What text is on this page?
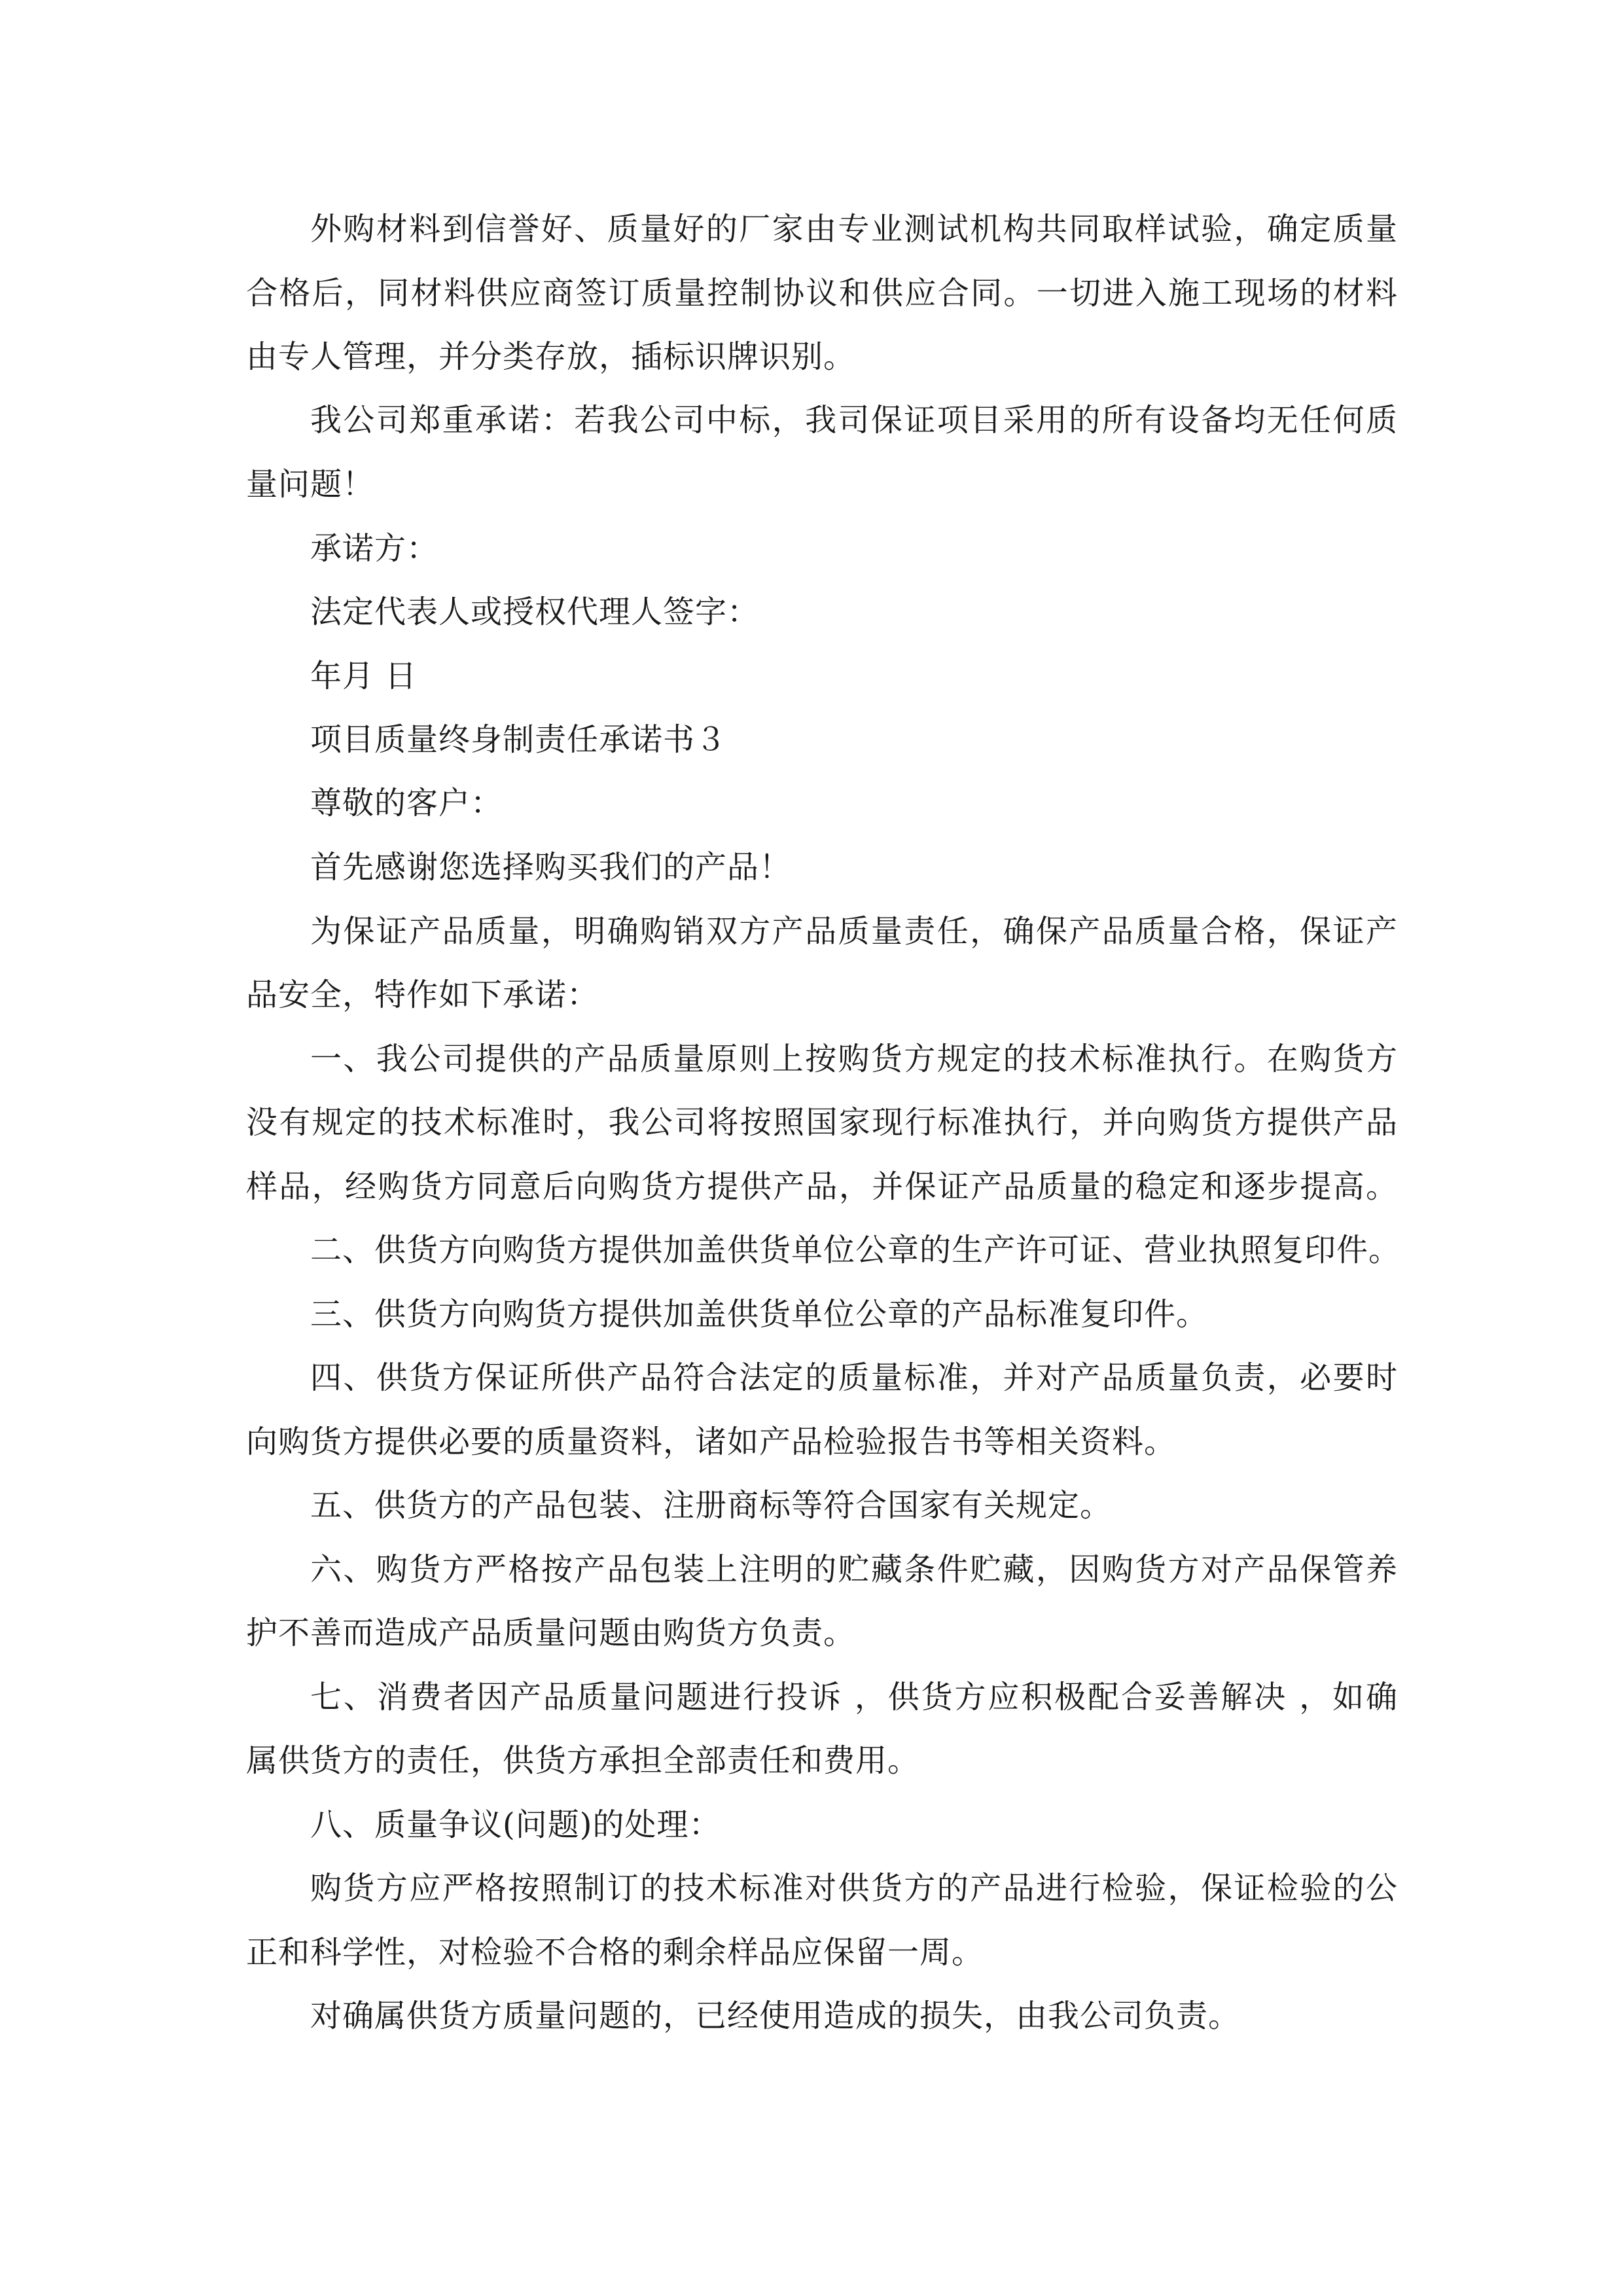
外购材料到信誉好、质量好的厂家由专业测试机构共同取样试验，确定质量
合格后，同材料供应商签订质量控制协议和供应合同。一切进入施工现场的材料
由专人管理，并分类存放，插标识牌识别。
我公司郑重承诺：若我公司中标，我司保证项目采用的所有设备均无任何质
量问题！
承诺方：
法定代表人或授权代理人签字：
年月 日
项目质量终身制责任承诺书３
尊敬的客户：
首先感谢您选择购买我们的产品！
为保证产品质量，明确购销双方产品质量责任，确保产品质量合格，保证产
品安全，特作如下承诺：
一、我公司提供的产品质量原则上按购货方规定的技术标准执行。在购货方
没有规定的技术标准时，我公司将按照国家现行标准执行，并向购货方提供产品
样品，经购货方同意后向购货方提供产品，并保证产品质量的稳定和逐步提高。
二、供货方向购货方提供加盖供货单位公章的生产许可证、营业执照复印件。
三、供货方向购货方提供加盖供货单位公章的产品标准复印件。
四、供货方保证所供产品符合法定的质量标准，并对产品质量负责，必要时
向购货方提供必要的质量资料，诸如产品检验报告书等相关资料。
五、供货方的产品包装、注册商标等符合国家有关规定。
六、购货方严格按产品包装上注明的贮藏条件贮藏，因购货方对产品保管养
护不善而造成产品质量问题由购货方负责。
七、消费者因产品质量问题进行投诉 ，供货方应积极配合妥善解决 ，如确
属供货方的责任，供货方承担全部责任和费用。
八、质量争议(问题)的处理：
购货方应严格按照制订的技术标准对供货方的产品进行检验，保证检验的公
正和科学性，对检验不合格的剩余样品应保留一周。
对确属供货方质量问题的，已经使用造成的损失，由我公司负责。
